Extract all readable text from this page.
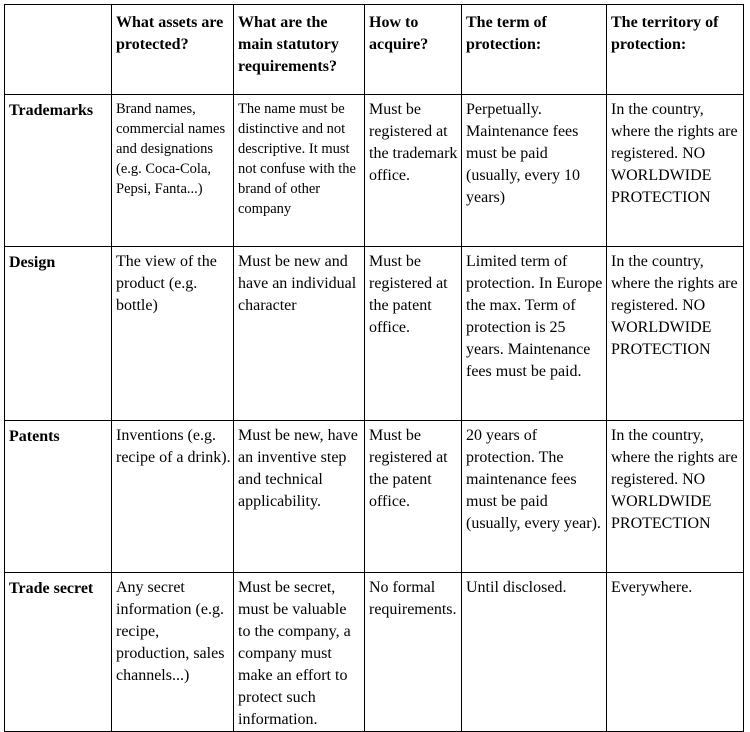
	What assets are protected?	What are the main statutory requirements?	How to acquire?	The term of protection:	The territory of protection:
Trademarks	Brand names, commercial names and designations (e.g. Coca-Cola, Pepsi, Fanta...)	The name must be distinctive and not descriptive. It must not confuse with the brand of other company	Must be registered at the trademark office.	Perpetually. Maintenance fees must be paid (usually, every 10 years)	In the country, where the rights are registered. NO WORLDWIDE PROTECTION
Design	The view of the product (e.g. bottle)	Must be new and have an individual character	Must be registered at the patent office.	Limited term of protection. In Europe the max. Term of protection is 25 years. Maintenance fees must be paid.	In the country, where the rights are registered. NO WORLDWIDE PROTECTION
Patents	Inventions (e.g. recipe of a drink).	Must be new, have an inventive step and technical applicability.	Must be registered at the patent office.	20 years of protection. The maintenance fees must be paid (usually, every year).	In the country, where the rights are registered. NO WORLDWIDE PROTECTION
Trade secret	Any secret information (e.g. recipe, production, sales channels...)	Must be secret, must be valuable to the company, a company must make an effort to protect such information.	No formal requirements.	Until disclosed.	Everywhere.
